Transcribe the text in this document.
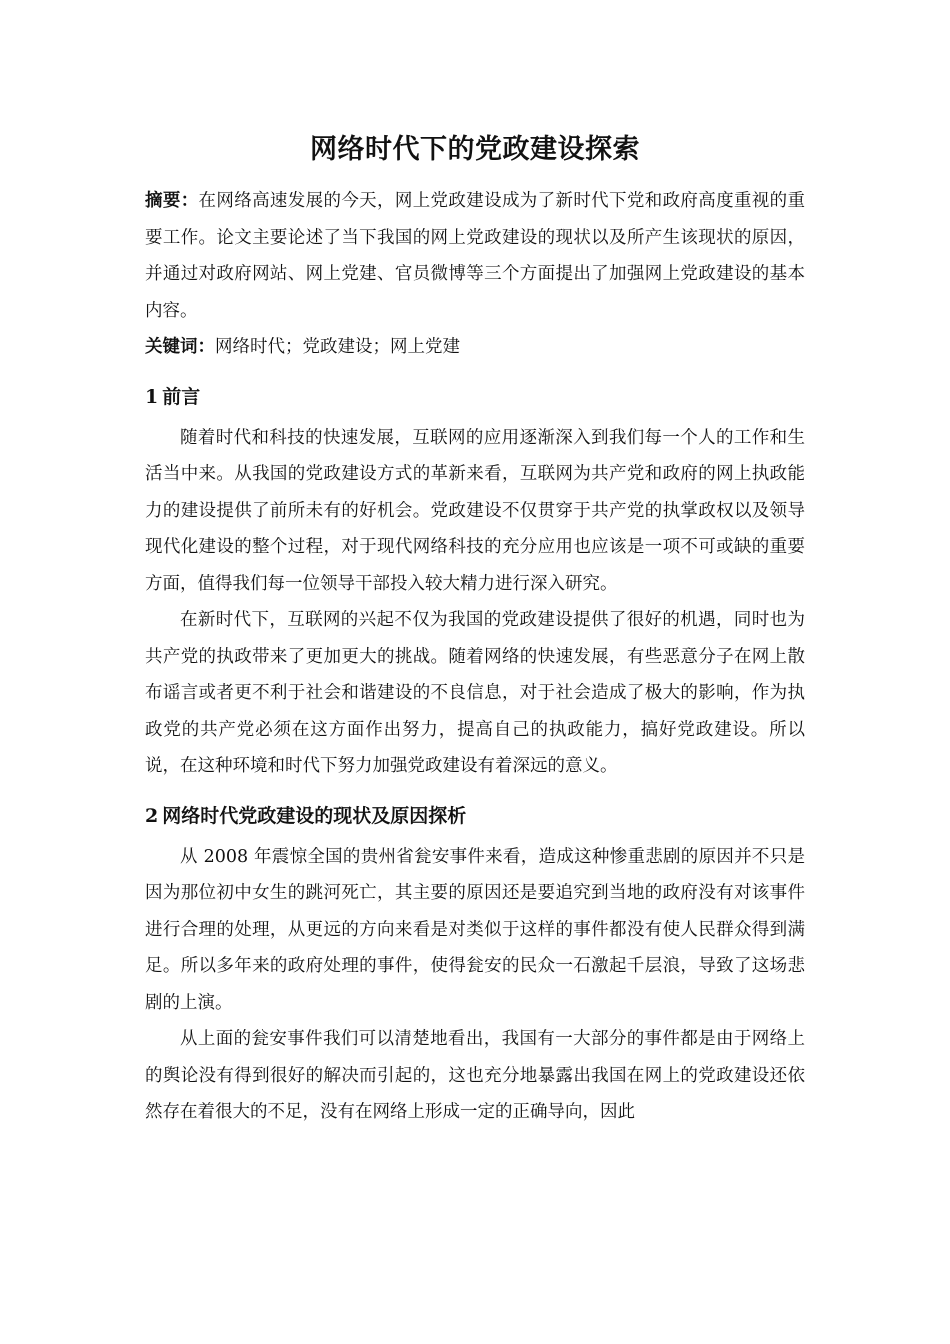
网络时代下的党政建设探索

摘要：在网络高速发展的今天，网上党政建设成为了新时代下党和政府高度重视的重要工作。论文主要论述了当下我国的网上党政建设的现状以及所产生该现状的原因，并通过对政府网站、网上党建、官员微博等三个方面提出了加强网上党政建设的基本内容。

关键词：网络时代；党政建设；网上党建

1 前言

随着时代和科技的快速发展，互联网的应用逐渐深入到我们每一个人的工作和生活当中来。从我国的党政建设方式的革新来看，互联网为共产党和政府的网上执政能力的建设提供了前所未有的好机会。党政建设不仅贯穿于共产党的执掌政权以及领导现代化建设的整个过程，对于现代网络科技的充分应用也应该是一项不可或缺的重要方面，值得我们每一位领导干部投入较大精力进行深入研究。

在新时代下，互联网的兴起不仅为我国的党政建设提供了很好的机遇，同时也为共产党的执政带来了更加更大的挑战。随着网络的快速发展，有些恶意分子在网上散布谣言或者更不利于社会和谐建设的不良信息，对于社会造成了极大的影响，作为执政党的共产党必须在这方面作出努力，提高自己的执政能力，搞好党政建设。所以说，在这种环境和时代下努力加强党政建设有着深远的意义。

2 网络时代党政建设的现状及原因探析

从 2008 年震惊全国的贵州省瓮安事件来看，造成这种惨重悲剧的原因并不只是因为那位初中女生的跳河死亡，其主要的原因还是要追究到当地的政府没有对该事件进行合理的处理，从更远的方向来看是对类似于这样的事件都没有使人民群众得到满足。所以多年来的政府处理的事件，使得瓮安的民众一石激起千层浪，导致了这场悲剧的上演。

从上面的瓮安事件我们可以清楚地看出，我国有一大部分的事件都是由于网络上的舆论没有得到很好的解决而引起的，这也充分地暴露出我国在网上的党政建设还依然存在着很大的不足，没有在网络上形成一定的正确导向，因此
